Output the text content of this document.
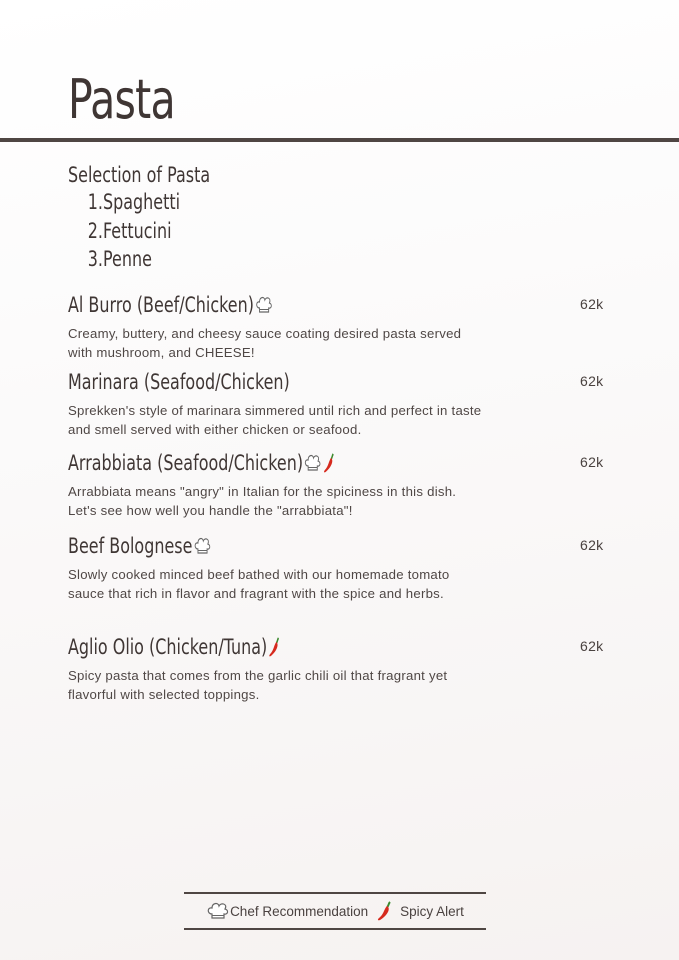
Pasta
Selection of Pasta
1.Spaghetti
2.Fettucini
3.Penne
Al Burro (Beef/Chicken)	62k
Creamy, buttery, and cheesy sauce coating desired pasta served with mushroom, and CHEESE!
Marinara (Seafood/Chicken)	62k
Sprekken's style of marinara simmered until rich and perfect in taste and smell served with either chicken or seafood.
Arrabbiata (Seafood/Chicken)	62k
Arrabbiata means "angry" in Italian for the spiciness in this dish. Let's see how well you handle the "arrabbiata"!
Beef Bolognese	62k
Slowly cooked minced beef bathed with our homemade tomato sauce that rich in flavor and fragrant with the spice and herbs.
Aglio Olio (Chicken/Tuna)	62k
Spicy pasta that comes from the garlic chili oil that fragrant yet flavorful with selected toppings.
Chef Recommendation Spicy Alert
